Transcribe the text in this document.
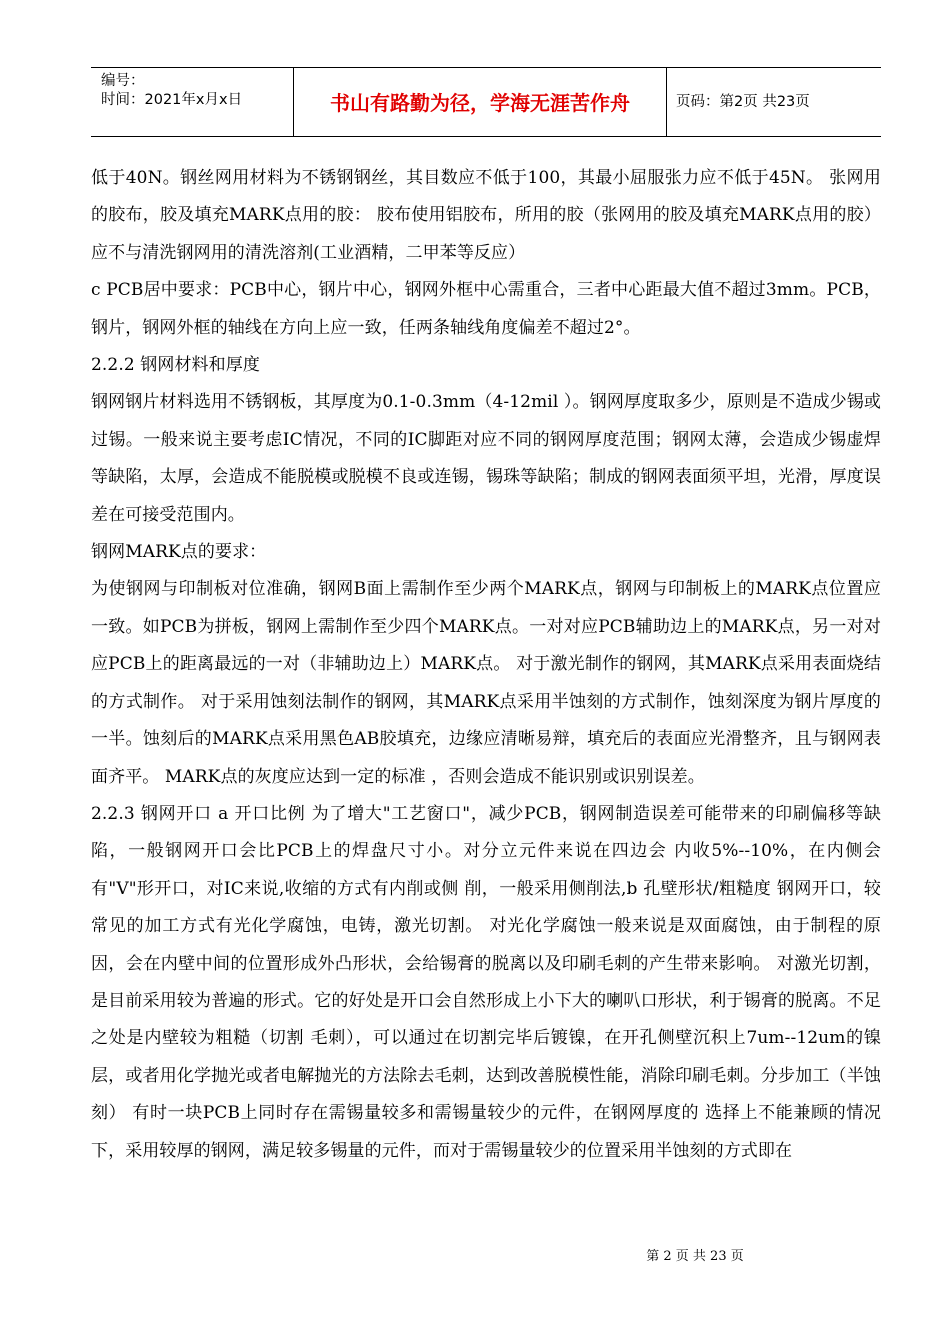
编号：
时间：2021年x月x日	书山有路勤为径，学海无涯苦作舟	页码：第2页 共23页

低于40N。钢丝网用材料为不锈钢钢丝，其目数应不低于100，其最小屈服张力应不低于45N。 张网用的胶布，胶及填充MARK点用的胶： 胶布使用铝胶布，所用的胶（张网用的胶及填充MARK点用的胶）应不与清洗钢网用的清洗溶剂(工业酒精，二甲苯等反应）

c PCB居中要求：PCB中心，钢片中心，钢网外框中心需重合，三者中心距最大值不超过3mm。PCB，钢片，钢网外框的轴线在方向上应一致，任两条轴线角度偏差不超过2°。

2.2.2 钢网材料和厚度

钢网钢片材料选用不锈钢板，其厚度为0.1-0.3mm（4-12mil ）。钢网厚度取多少，原则是不造成少锡或过锡。一般来说主要考虑IC情况，不同的IC脚距对应不同的钢网厚度范围；钢网太薄，会造成少锡虚焊等缺陷，太厚，会造成不能脱模或脱模不良或连锡，锡珠等缺陷；制成的钢网表面须平坦，光滑，厚度误差在可接受范围内。

钢网MARK点的要求：

为使钢网与印制板对位准确，钢网B面上需制作至少两个MARK点，钢网与印制板上的MARK点位置应一致。如PCB为拼板，钢网上需制作至少四个MARK点。一对对应PCB辅助边上的MARK点，另一对对应PCB上的距离最远的一对（非辅助边上）MARK点。 对于激光制作的钢网，其MARK点采用表面烧结的方式制作。 对于采用蚀刻法制作的钢网，其MARK点采用半蚀刻的方式制作，蚀刻深度为钢片厚度的一半。蚀刻后的MARK点采用黑色AB胶填充，边缘应清晰易辩，填充后的表面应光滑整齐，且与钢网表面齐平。 MARK点的灰度应达到一定的标准 ，否则会造成不能识别或识别误差。

2.2.3 钢网开口 a 开口比例 为了增大"工艺窗口"，减少PCB，钢网制造误差可能带来的印刷偏移等缺 陷，一般钢网开口会比PCB上的焊盘尺寸小。对分立元件来说在四边会 内收5%--10%，在内侧会有"V"形开口，对IC来说,收缩的方式有内削或侧 削，一般采用侧削法,b 孔壁形状/粗糙度 钢网开口，较常见的加工方式有光化学腐蚀，电铸，激光切割。 对光化学腐蚀一般来说是双面腐蚀，由于制程的原因，会在内壁中间的位置形成外凸形状，会给锡膏的脱离以及印刷毛刺的产生带来影响。 对激光切割，是目前采用较为普遍的形式。它的好处是开口会自然形成上小下大的喇叭口形状，利于锡膏的脱离。不足之处是内壁较为粗糙（切割 毛刺），可以通过在切割完毕后镀镍，在开孔侧壁沉积上7um--12um的镍层，或者用化学抛光或者电解抛光的方法除去毛刺，达到改善脱模性能，消除印刷毛刺。分步加工（半蚀刻） 有时一块PCB上同时存在需锡量较多和需锡量较少的元件，在钢网厚度的 选择上不能兼顾的情况下，采用较厚的钢网，满足较多锡量的元件，而对于需锡量较少的位置采用半蚀刻的方式即在

第 2 页 共 23 页
